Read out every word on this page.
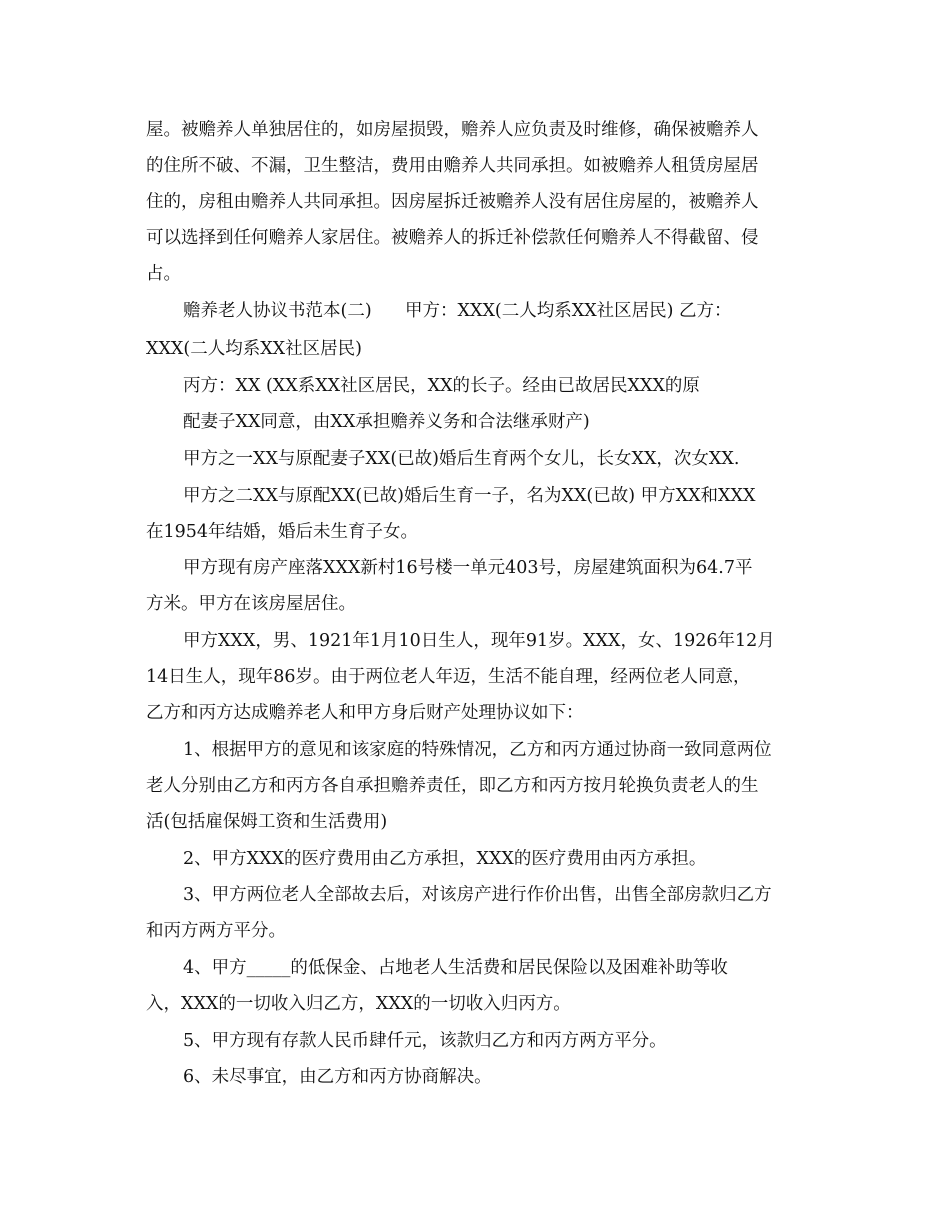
屋。被赡养人单独居住的，如房屋损毁，赡养人应负责及时维修，确保被赡养人
的住所不破、不漏，卫生整洁，费用由赡养人共同承担。如被赡养人租赁房屋居
住的，房租由赡养人共同承担。因房屋拆迁被赡养人没有居住房屋的，被赡养人
可以选择到任何赡养人家居住。被赡养人的拆迁补偿款任何赡养人不得截留、侵
占。
赡养老人协议书范本(二)      甲方：XXX(二人均系XX社区居民) 乙方：
XXX(二人均系XX社区居民)
丙方：XX (XX系XX社区居民，XX的长子。经由已故居民XXX的原
配妻子XX同意，由XX承担赡养义务和合法继承财产)
甲方之一XX与原配妻子XX(已故)婚后生育两个女儿，长女XX，次女XX.
甲方之二XX与原配XX(已故)婚后生育一子，名为XX(已故) 甲方XX和XXX
在1954年结婚，婚后未生育子女。
甲方现有房产座落XXX新村16号楼一单元403号，房屋建筑面积为64.7平
方米。甲方在该房屋居住。
甲方XXX，男、1921年1月10日生人，现年91岁。XXX，女、1926年12月
14日生人，现年86岁。由于两位老人年迈，生活不能自理，经两位老人同意，
乙方和丙方达成赡养老人和甲方身后财产处理协议如下：
1、根据甲方的意见和该家庭的特殊情况，乙方和丙方通过协商一致同意两位
老人分别由乙方和丙方各自承担赡养责任，即乙方和丙方按月轮换负责老人的生
活(包括雇保姆工资和生活费用)
2、甲方XXX的医疗费用由乙方承担，XXX的医疗费用由丙方承担。
3、甲方两位老人全部故去后，对该房产进行作价出售，出售全部房款归乙方
和丙方两方平分。
4、甲方_____的低保金、占地老人生活费和居民保险以及困难补助等收
入，XXX的一切收入归乙方，XXX的一切收入归丙方。
5、甲方现有存款人民币肆仟元，该款归乙方和丙方两方平分。
6、未尽事宜，由乙方和丙方协商解决。
